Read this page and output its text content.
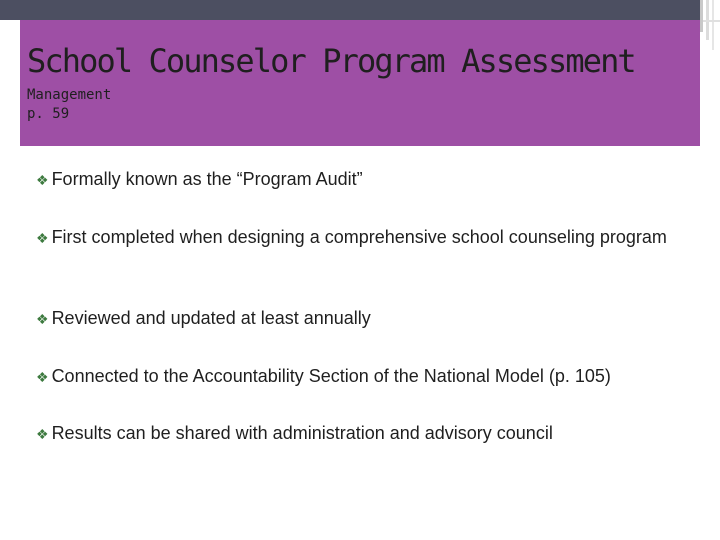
School Counselor Program Assessment
Management
p. 59
❖ Formally known as the “Program Audit”
❖ First completed when designing a comprehensive school counseling program
❖ Reviewed and updated at least annually
❖ Connected to the Accountability Section of the National Model (p. 105)
❖ Results can be shared with administration and advisory council
